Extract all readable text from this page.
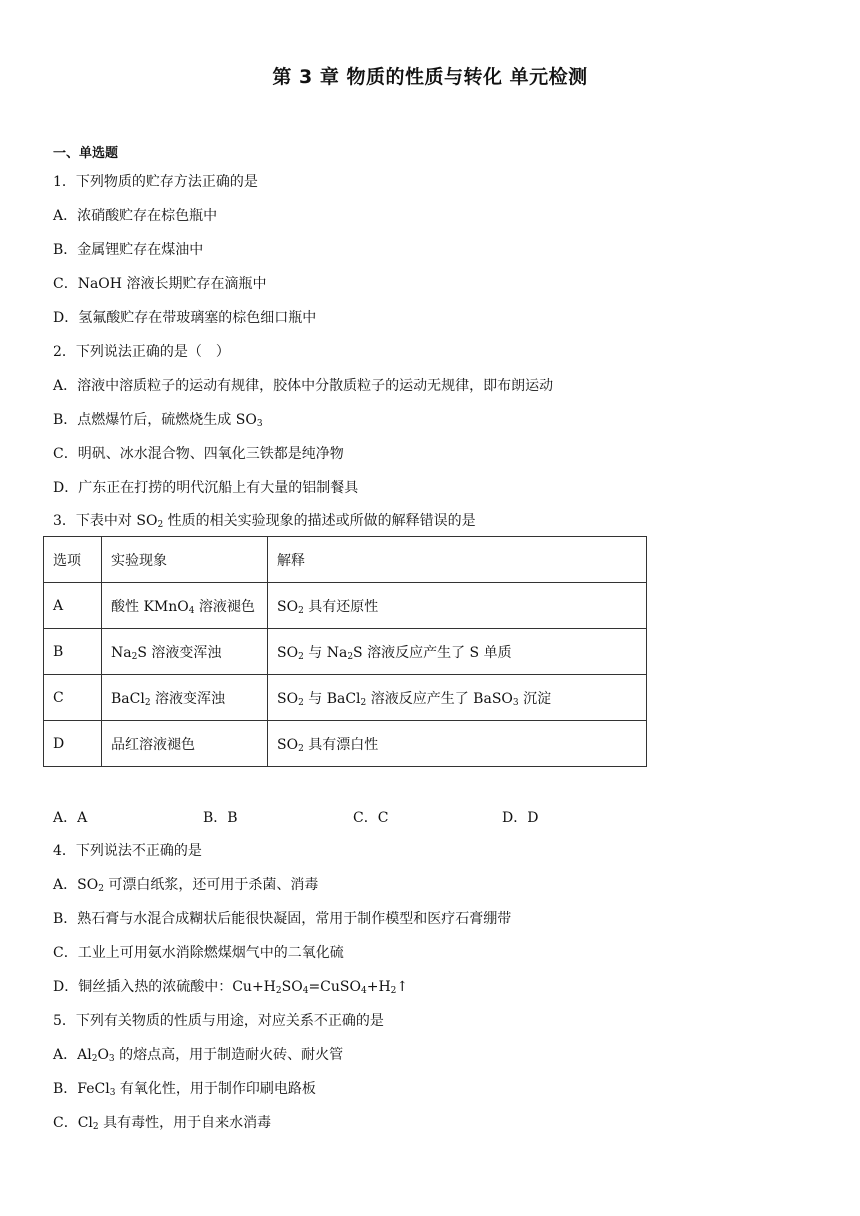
第 3 章 物质的性质与转化 单元检测
一、单选题
1．下列物质的贮存方法正确的是
A．浓硝酸贮存在棕色瓶中
B．金属锂贮存在煤油中
C．NaOH 溶液长期贮存在滴瓶中
D．氢氟酸贮存在带玻璃塞的棕色细口瓶中
2．下列说法正确的是（　）
A．溶液中溶质粒子的运动有规律，胶体中分散质粒子的运动无规律，即布朗运动
B．点燃爆竹后，硫燃烧生成 $SO_3$
C．明矾、冰水混合物、四氧化三铁都是纯净物
D．广东正在打捞的明代沉船上有大量的铝制餐具
3．下表中对 $SO_2$ 性质的相关实验现象的描述或所做的解释错误的是
选项	实验现象	解释
A	酸性 KMnO$_4$ 溶液褪色	$SO_2$ 具有还原性
B	$Na_2S$ 溶液变浑浊	$SO_2$ 与 $Na_2S$ 溶液反应产生了 S 单质
C	BaCl$_2$ 溶液变浑浊	$SO_2$ 与 BaCl$_2$ 溶液反应产生了 BaSO$_3$ 沉淀
D	品红溶液褪色	$SO_2$ 具有漂白性
A．A	B．B	C．C	D．D
4．下列说法不正确的是
A．$SO_2$ 可漂白纸浆，还可用于杀菌、消毒
B．熟石膏与水混合成糊状后能很快凝固，常用于制作模型和医疗石膏绷带
C．工业上可用氨水消除燃煤烟气中的二氧化硫
D．铜丝插入热的浓硫酸中：$Cu+H_2SO_4=CuSO_4+H_2↑$
5．下列有关物质的性质与用途，对应关系不正确的是
A．$Al_2O_3$ 的熔点高，用于制造耐火砖、耐火管
B．FeCl$_3$ 有氧化性，用于制作印刷电路板
C．$Cl_2$ 具有毒性，用于自来水消毒
